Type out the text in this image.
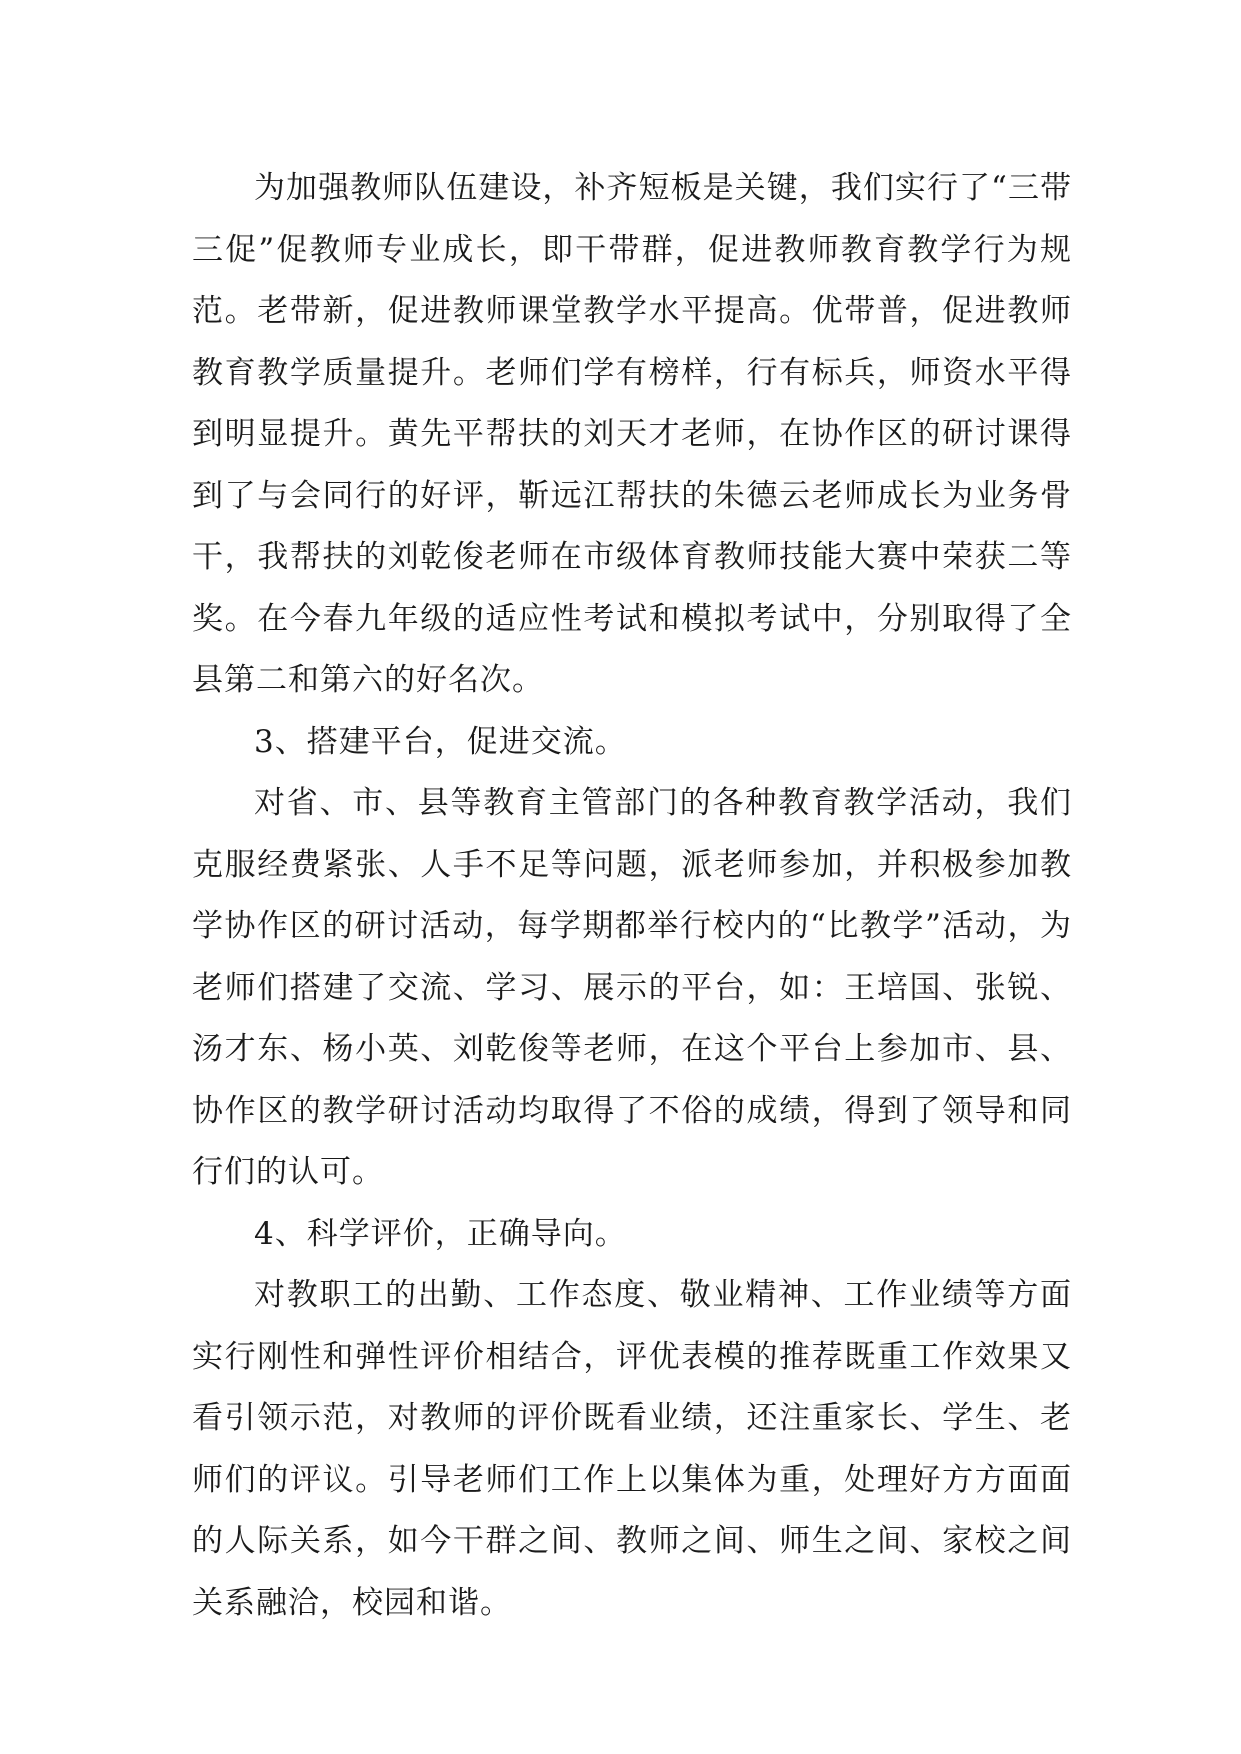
为加强教师队伍建设，补齐短板是关键，我们实行了“三带三促”促教师专业成长，即干带群，促进教师教育教学行为规范。老带新，促进教师课堂教学水平提高。优带普，促进教师教育教学质量提升。老师们学有榜样，行有标兵，师资水平得到明显提升。黄先平帮扶的刘天才老师，在协作区的研讨课得到了与会同行的好评，靳远江帮扶的朱德云老师成长为业务骨干，我帮扶的刘乾俊老师在市级体育教师技能大赛中荣获二等奖。在今春九年级的适应性考试和模拟考试中，分别取得了全县第二和第六的好名次。

3、搭建平台，促进交流。

对省、市、县等教育主管部门的各种教育教学活动，我们克服经费紧张、人手不足等问题，派老师参加，并积极参加教学协作区的研讨活动，每学期都举行校内的“比教学”活动，为老师们搭建了交流、学习、展示的平台，如：王培国、张锐、汤才东、杨小英、刘乾俊等老师，在这个平台上参加市、县、协作区的教学研讨活动均取得了不俗的成绩，得到了领导和同行们的认可。

4、科学评价，正确导向。

对教职工的出勤、工作态度、敬业精神、工作业绩等方面实行刚性和弹性评价相结合，评优表模的推荐既重工作效果又看引领示范，对教师的评价既看业绩，还注重家长、学生、老师们的评议。引导老师们工作上以集体为重，处理好方方面面的人际关系，如今干群之间、教师之间、师生之间、家校之间关系融洽，校园和谐。
